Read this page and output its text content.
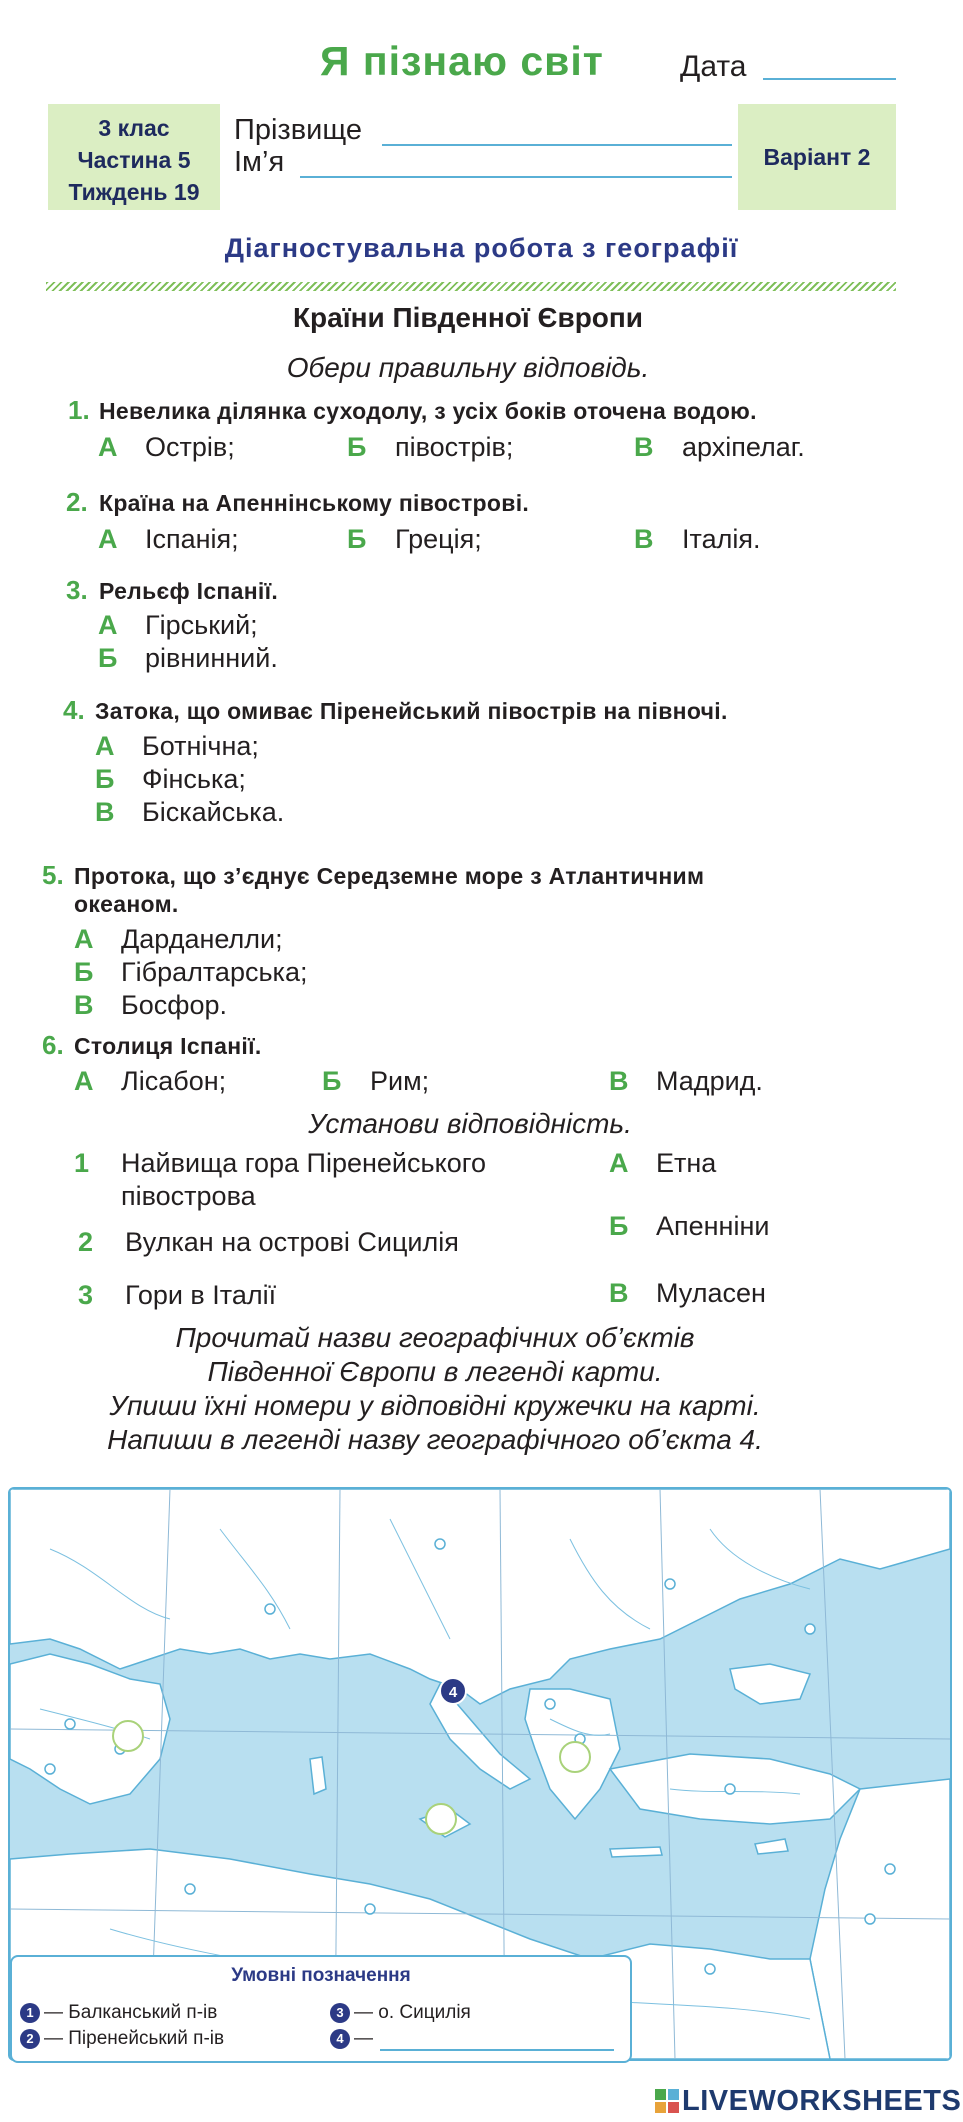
Я пізнаю світ	Дата
3 клас
Частина 5
Тиждень 19
Прізвище
Ім’я	Варіант 2
Діагностувальна робота з географії
Країни Південної Європи
Обери правильну відповідь.
1. Невелика ділянка суходолу, з усіх боків оточена водою.
А Острів;	Б півострів;	В архіпелаг.
2. Країна на Апеннінському півострові.
А Іспанія;	Б Греція;	В Італія.
3. Рельєф Іспанії.
А Гірський;
Б рівнинний.
4. Затока, що омиває Піренейський півострів на півночі.
А Ботнічна;
Б Фінська;
В Біскайська.
5. Протока, що з’єднує Середземне море з Атлантичним
океаном.
А Дарданелли;
Б Гібралтарська;
В Босфор.
6. Столиця Іспанії.
А Лісабон;	Б Рим;	В Мадрид.
Установи відповідність.
1 Найвища гора Піренейського
півострова
2 Вулкан на острові Сицилія
3 Гори в Італії
А Етна
Б Апенніни
В Муласен
Прочитай назви географічних об’єктів
Південної Європи в легенді карти.
Упиши їхні номери у відповідні кружечки на карті.
Напиши в легенді назву географічного об’єкта 4.
4
Умовні позначення
1 — Балканський п-ів
2 — Піренейський п-ів
3 — о. Сицилія
4 —
LIVEWORKSHEETS
